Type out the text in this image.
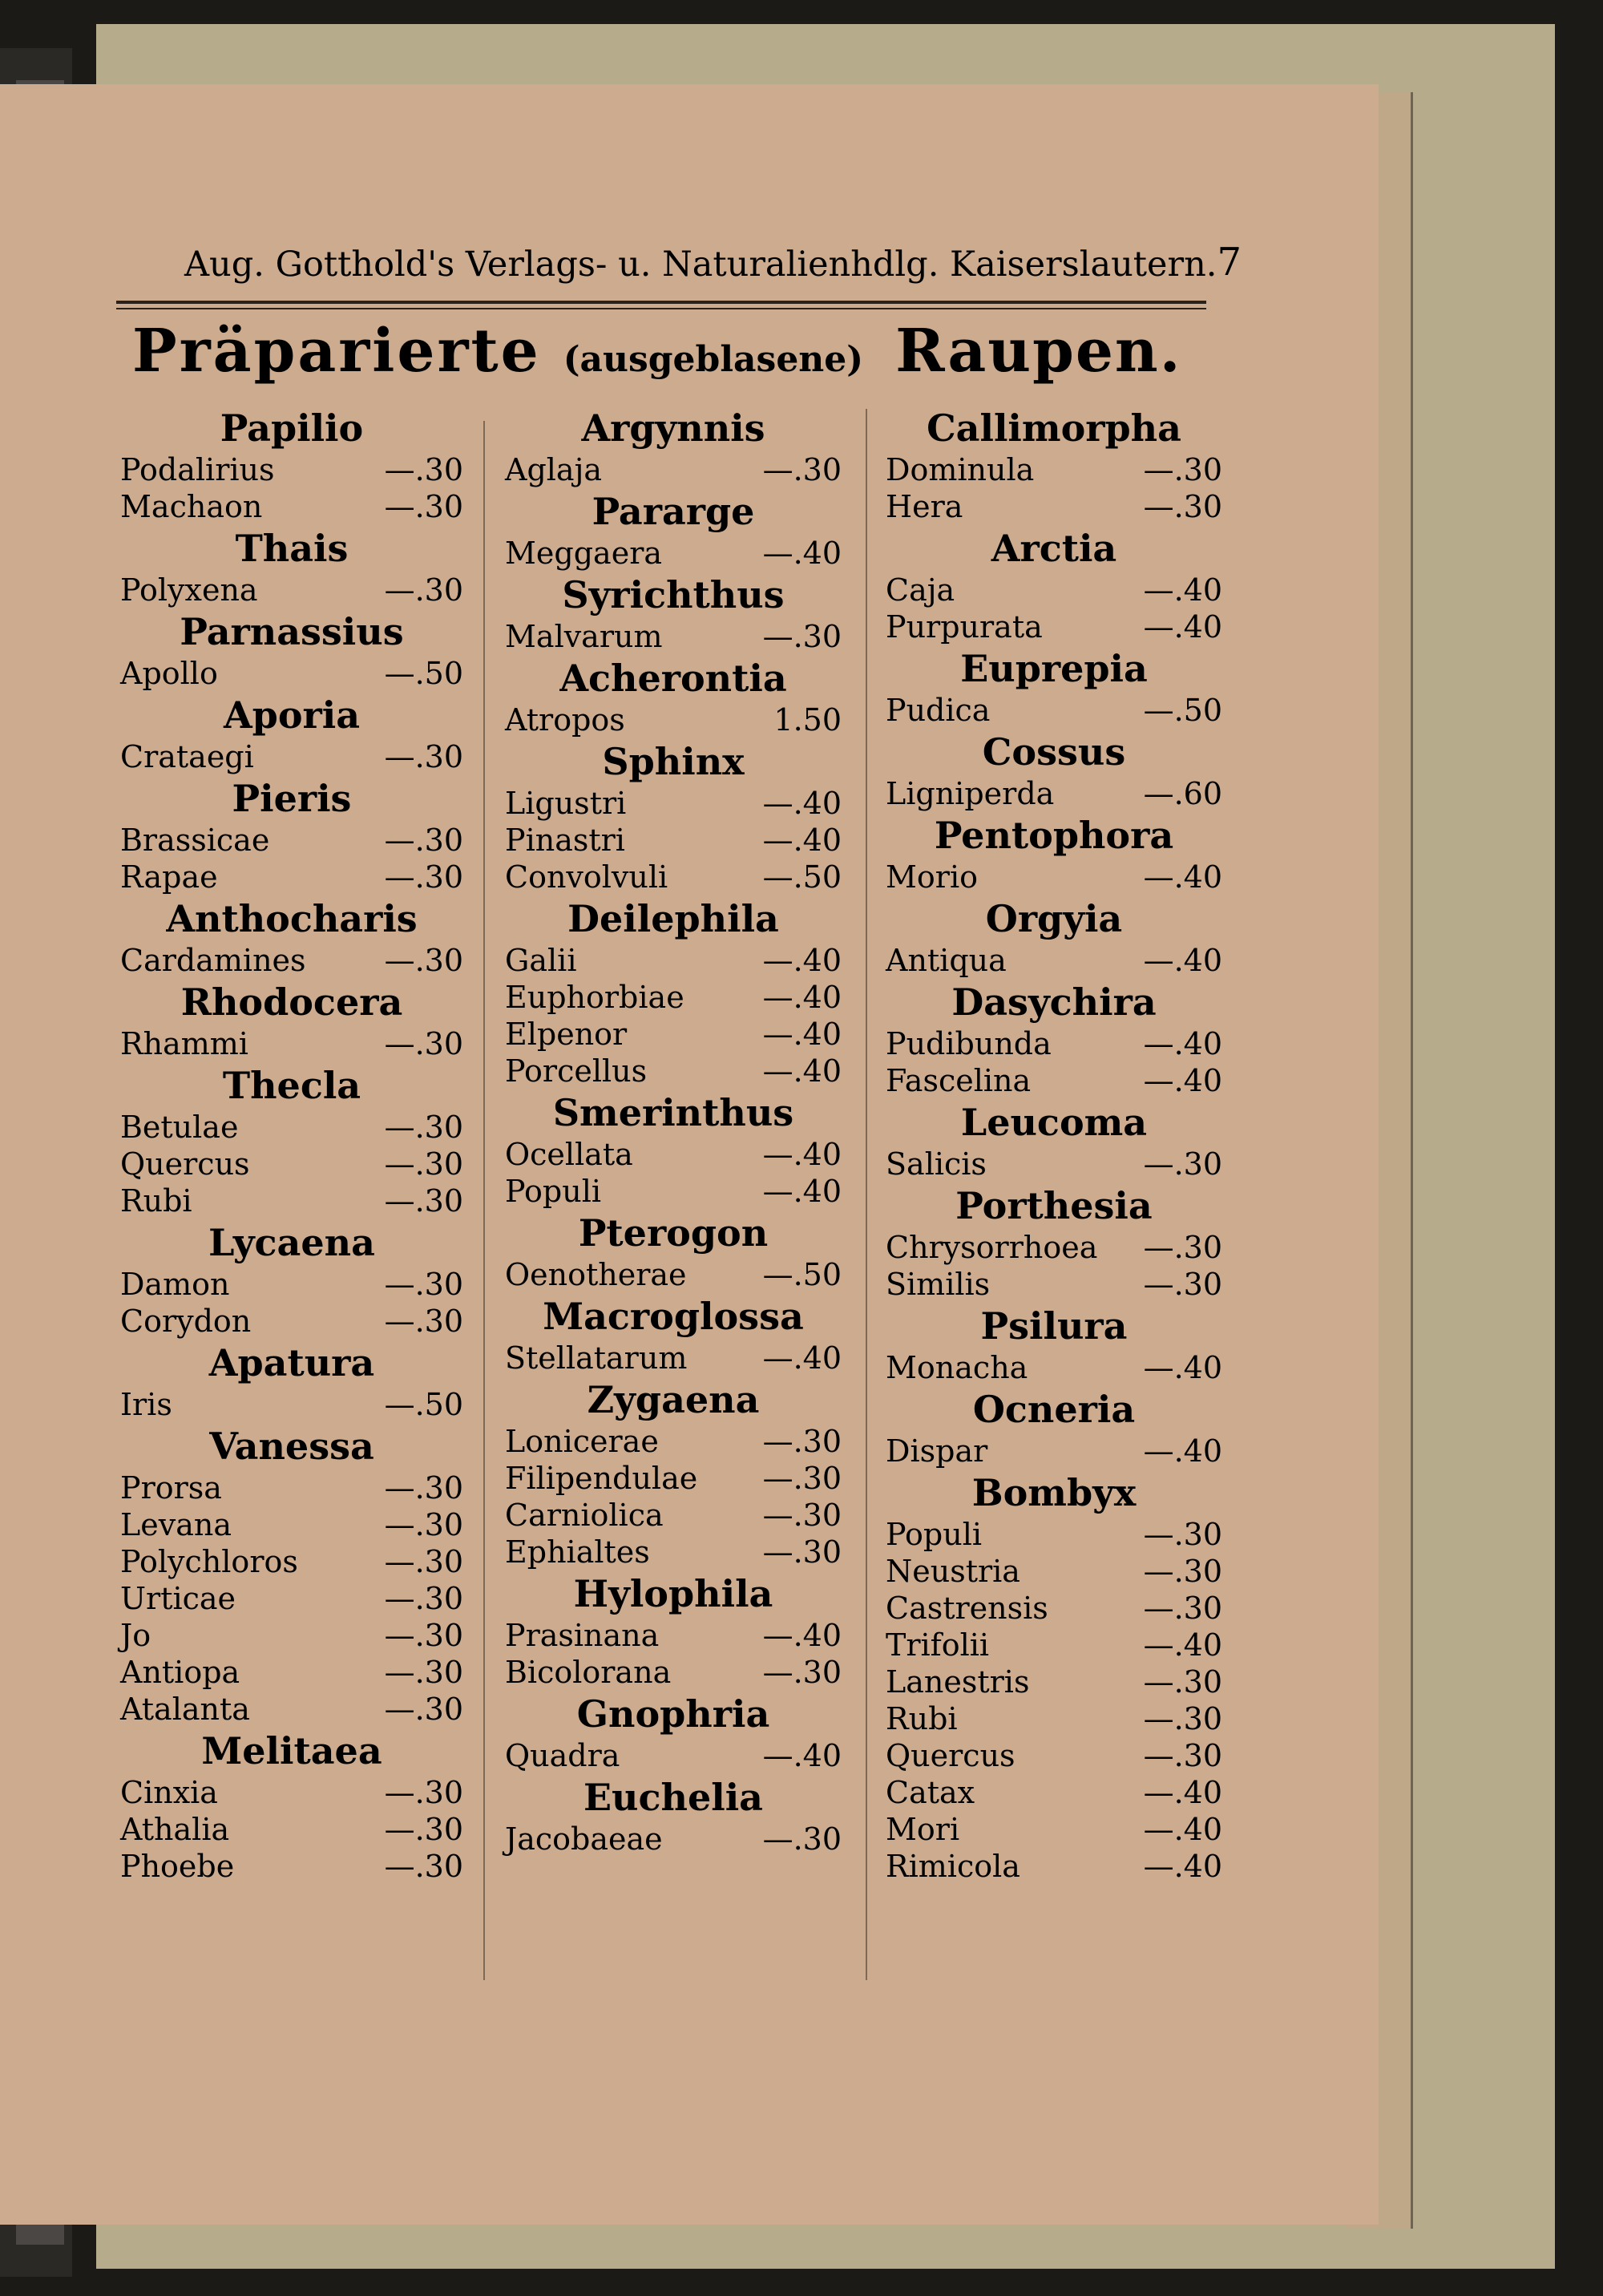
Aug. Gotthold's Verlags- u. Naturalienhdlg. Kaiserslautern. 7
Präparierte (ausgeblasene) Raupen.
Papilio
Podalirius	—.30
Machaon	—.30
Thais
Polyxena	—.30
Parnassius
Apollo	—.50
Aporia
Crataegi	—.30
Pieris
Brassicae	—.30
Rapae	—.30
Anthocharis
Cardamines	—.30
Rhodocera
Rhammi	—.30
Thecla
Betulae	—.30
Quercus	—.30
Rubi	—.30
Lycaena
Damon	—.30
Corydon	—.30
Apatura
Iris	—.50
Vanessa
Prorsa	—.30
Levana	—.30
Polychloros	—.30
Urticae	—.30
Jo	—.30
Antiopa	—.30
Atalanta	—.30
Melitaea
Cinxia	—.30
Athalia	—.30
Phoebe	—.30
Argynnis
Aglaja	—.30
Pararge
Meggaera	—.40
Syrichthus
Malvarum	—.30
Acherontia
Atropos	1.50
Sphinx
Ligustri	—.40
Pinastri	—.40
Convolvuli	—.50
Deilephila
Galii	—.40
Euphorbiae	—.40
Elpenor	—.40
Porcellus	—.40
Smerinthus
Ocellata	—.40
Populi	—.40
Pterogon
Oenotherae	—.50
Macroglossa
Stellatarum —.40
Zygaena
Lonicerae	—.30
Filipendulae —.30
Carniolica	—.30
Ephialtes	—.30
Hylophila
Prasinana	—.40
Bicolorana	—.30
Gnophria
Quadra	—.40
Euchelia
Jacobaeae	—.30
Callimorpha
Dominula	—.30
Hera	—.30
Arctia
Caja	—.40
Purpurata	—.40
Euprepia
Pudica	—.50
Cossus
Ligniperda	—.60
Pentophora
Morio	—.40
Orgyia
Antiqua	—.40
Dasychira
Pudibunda	—.40
Fascelina	—.40
Leucoma
Salicis	—.30
Porthesia
Chrysorrhoea —.30
Similis	—.30
Psilura
Monacha	—.40
Ocneria
Dispar	—.40
Bombyx
Populi	—.30
Neustria	—.30
Castrensis	—.30
Trifolii	—.40
Lanestris	—.30
Rubi	—.30
Quercus	—.30
Catax	—.40
Mori	—.40
Rimicola	—.40
